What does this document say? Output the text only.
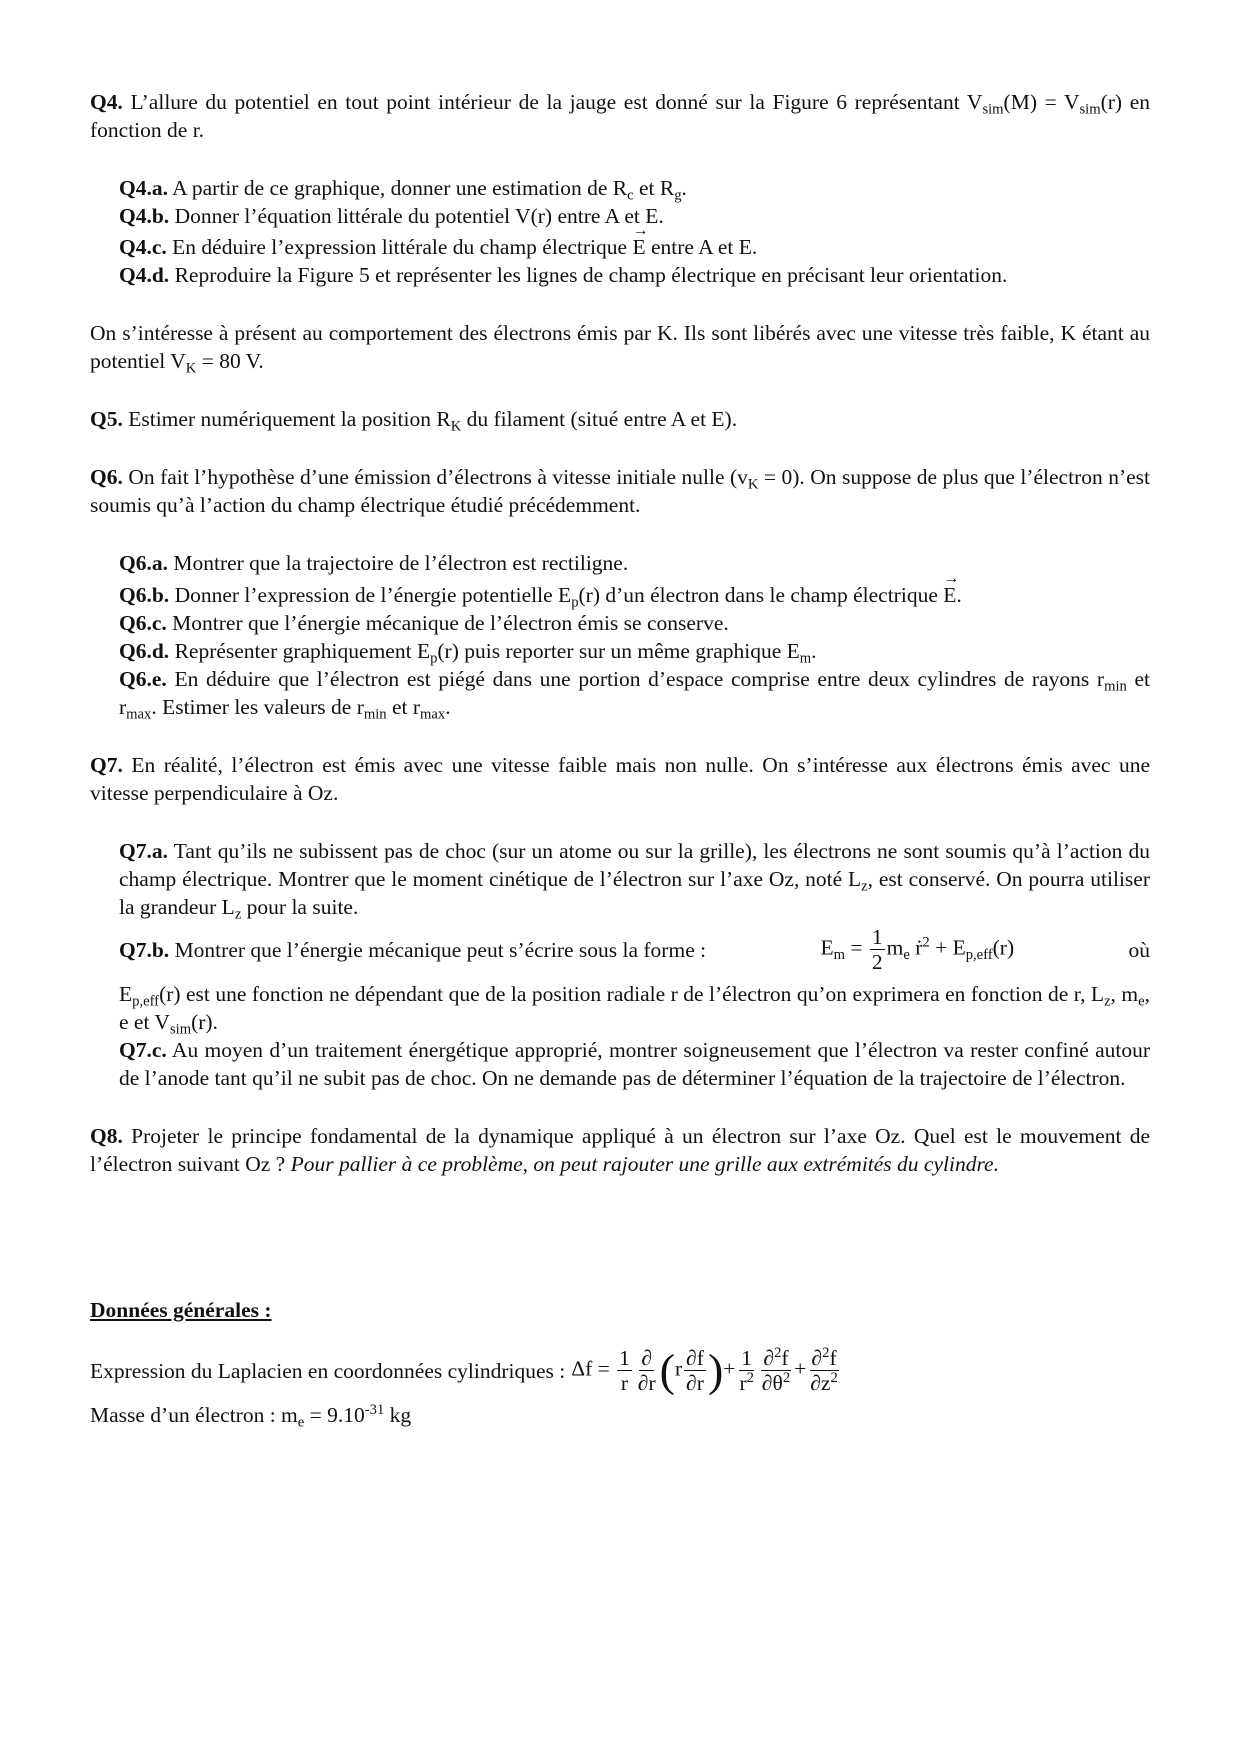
Q4. L’allure du potentiel en tout point intérieur de la jauge est donné sur la Figure 6 représentant $V_{sim}(M) = V_{sim}(r)$ en fonction de r.

Q4.a. A partir de ce graphique, donner une estimation de $R_c$ et $R_g$.

Q4.b. Donner l’équation littérale du potentiel V(r) entre A et E.

Q4.c. En déduire l’expression littérale du champ électrique → E entre A et E.

Q4.d. Reproduire la Figure 5 et représenter les lignes de champ électrique en précisant leur orientation.

On s’intéresse à présent au comportement des électrons émis par K. Ils sont libérés avec une vitesse très faible, K étant au potentiel $V_K = 80$ V.

Q5. Estimer numériquement la position $R_K$ du filament (situé entre A et E).

Q6. On fait l’hypothèse d’une émission d’électrons à vitesse initiale nulle $(v_K = 0)$. On suppose de plus que l’électron n’est soumis qu’à l’action du champ électrique étudié précédemment.

Q6.a. Montrer que la trajectoire de l’électron est rectiligne.

Q6.b. Donner l’expression de l’énergie potentielle $E_p(r)$ d’un électron dans le champ électrique → E.

Q6.c. Montrer que l’énergie mécanique de l’électron émis se conserve.

Q6.d. Représenter graphiquement $E_p(r)$ puis reporter sur un même graphique $E_m$.

Q6.e. En déduire que l’électron est piégé dans une portion d’espace comprise entre deux cylindres de rayons $r_{min}$ et $r_{max}$. Estimer les valeurs de $r_{min}$ et $r_{max}$.

Q7. En réalité, l’électron est émis avec une vitesse faible mais non nulle. On s’intéresse aux électrons émis avec une vitesse perpendiculaire à Oz.

Q7.a. Tant qu’ils ne subissent pas de choc (sur un atome ou sur la grille), les électrons ne sont soumis qu’à l’action du champ électrique. Montrer que le moment cinétique de l’électron sur l’axe Oz, noté $L_z$, est conservé. On pourra utiliser la grandeur $L_z$ pour la suite.

Q7.b. Montrer que l’énergie mécanique peut s’écrire sous la forme :	$E_m = \frac{1}{2} m_e$ ṙ$^2$ + $E_{p,eff}(r)$	où

$E_{p,eff}(r)$ est une fonction ne dépendant que de la position radiale r de l’électron qu’on exprimera en fonction de r, $L_z$, $m_e$, e et $V_{sim}(r)$.

Q7.c. Au moyen d’un traitement énergétique approprié, montrer soigneusement que l’électron va rester confiné autour de l’anode tant qu’il ne subit pas de choc. On ne demande pas de déterminer l’équation de la trajectoire de l’électron.

Q8. Projeter le principe fondamental de la dynamique appliqué à un électron sur l’axe Oz. Quel est le mouvement de l’électron suivant Oz ? Pour pallier à ce problème, on peut rajouter une grille aux extrémités du cylindre.

Données générales :

Expression du Laplacien en coordonnées cylindriques : $\Delta f = \frac{1}{r} \frac{\partial}{\partial r} (r \frac{\partial f}{\partial r}$ )+ $\frac{1}{r^2} \frac{\partial^2f}{\partial\theta^2} + \frac{\partial^2f}{\partial z^2}$

Masse d’un électron : $m_e = 9.10^{-31}$ kg
